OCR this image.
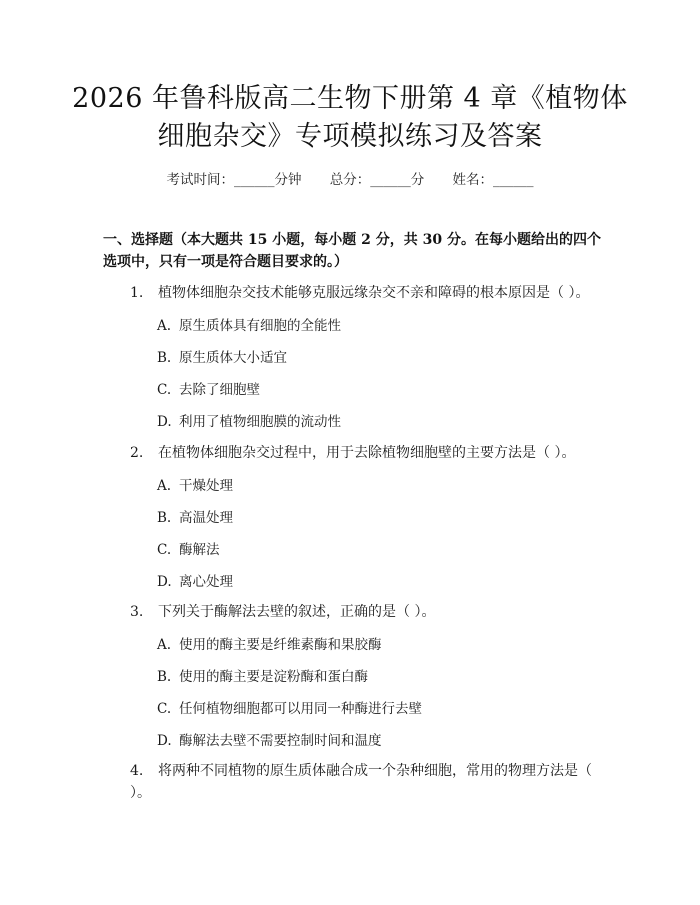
2026 年鲁科版高二生物下册第 4 章《植物体
细胞杂交》专项模拟练习及答案
考试时间：______分钟 总分：______分 姓名：______
一、选择题（本大题共 15 小题，每小题 2 分，共 30 分。在每小题给出的四个选项中，只有一项是符合题目要求的。）
1. 植物体细胞杂交技术能够克服远缘杂交不亲和障碍的根本原因是（ ）。
A. 原生质体具有细胞的全能性
B. 原生质体大小适宜
C. 去除了细胞壁
D. 利用了植物细胞膜的流动性
2. 在植物体细胞杂交过程中，用于去除植物细胞壁的主要方法是（ ）。
A. 干燥处理
B. 高温处理
C. 酶解法
D. 离心处理
3. 下列关于酶解法去壁的叙述，正确的是（ ）。
A. 使用的酶主要是纤维素酶和果胶酶
B. 使用的酶主要是淀粉酶和蛋白酶
C. 任何植物细胞都可以用同一种酶进行去壁
D. 酶解法去壁不需要控制时间和温度
4. 将两种不同植物的原生质体融合成一个杂种细胞，常用的物理方法是（ ）。
